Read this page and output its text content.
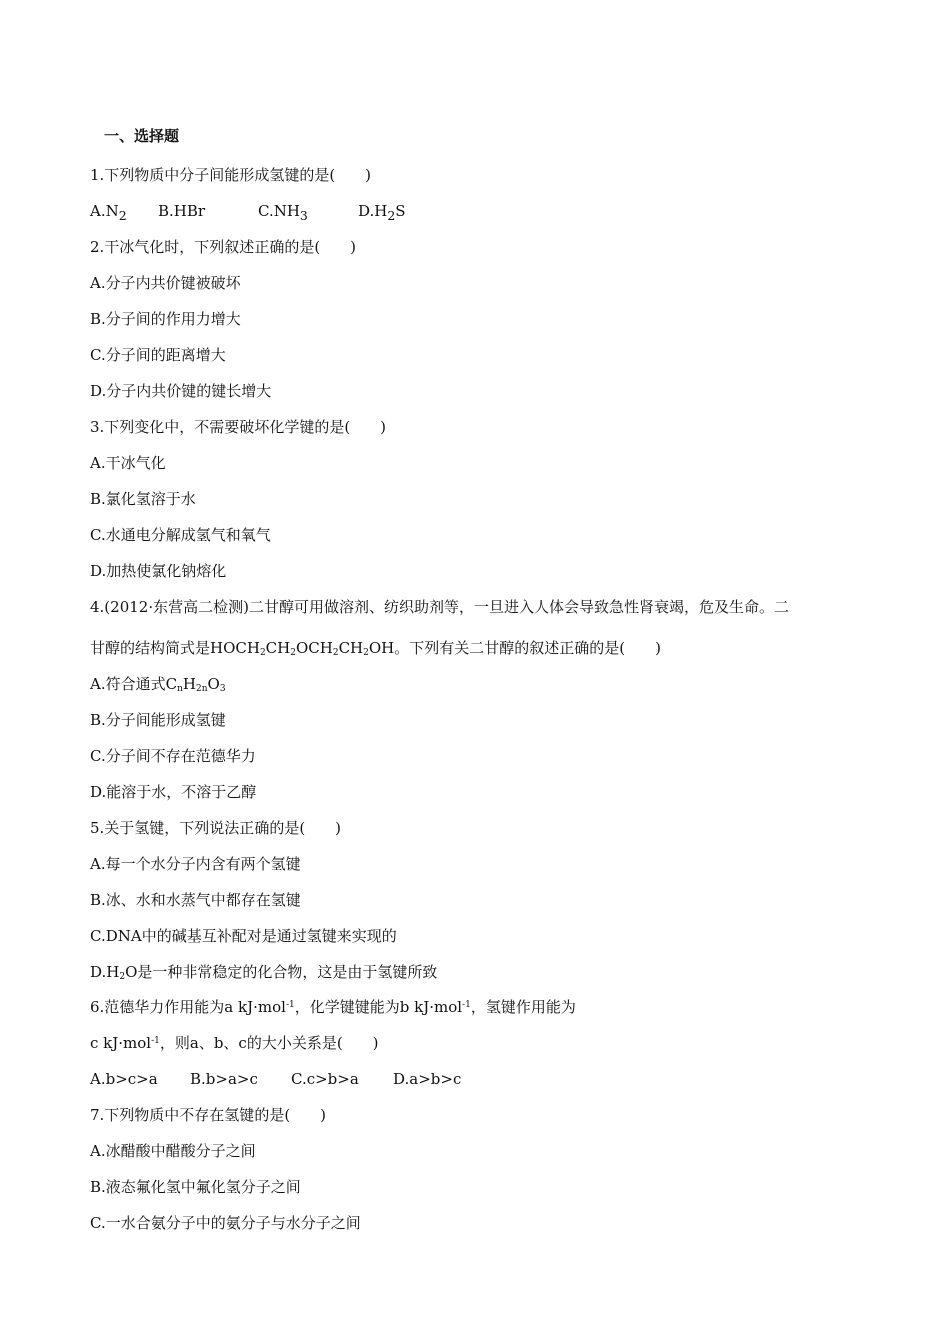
一、选择题
1.下列物质中分子间能形成氢键的是(　　)
$A.N_2$ B.HBr	$C.NH_3$	$D.H_2S$
2.干冰气化时，下列叙述正确的是(　　)
A.分子内共价键被破坏
B.分子间的作用力增大
C.分子间的距离增大
D.分子内共价键的键长增大
3.下列变化中，不需要破坏化学键的是(　　)
A.干冰气化
B.氯化氢溶于水
C.水通电分解成氢气和氧气
D.加热使氯化钠熔化
4.(2012·东营高二检测)二甘醇可用做溶剂、纺织助剂等，一旦进入人体会导致急性肾衰竭，危及生命。二
甘醇的结构简式是$HOCH_2CH_2OCH_2CH_2OH$。下列有关二甘醇的叙述正确的是(　　)
A.符合通式$C_nH_{2n}O_3$
B.分子间能形成氢键
C.分子间不存在范德华力
D.能溶于水，不溶于乙醇
5.关于氢键，下列说法正确的是(　　)
A.每一个水分子内含有两个氢键
B.冰、水和水蒸气中都存在氢键
C.DNA中的碱基互补配对是通过氢键来实现的
$D.H_2O$是一种非常稳定的化合物，这是由于氢键所致
6.范德华力作用能为a kJ·mol$^{-1}$，化学键键能为b kJ·mol$^{-1}$，氢键作用能为
c kJ·mol$^{-1}$，则a、b、c的大小关系是(　　)
A.b>c>a B.b>a>c C.c>b>a D.a>b>c
7.下列物质中不存在氢键的是(　　)
A.冰醋酸中醋酸分子之间
B.液态氟化氢中氟化氢分子之间
C.一水合氨分子中的氨分子与水分子之间
